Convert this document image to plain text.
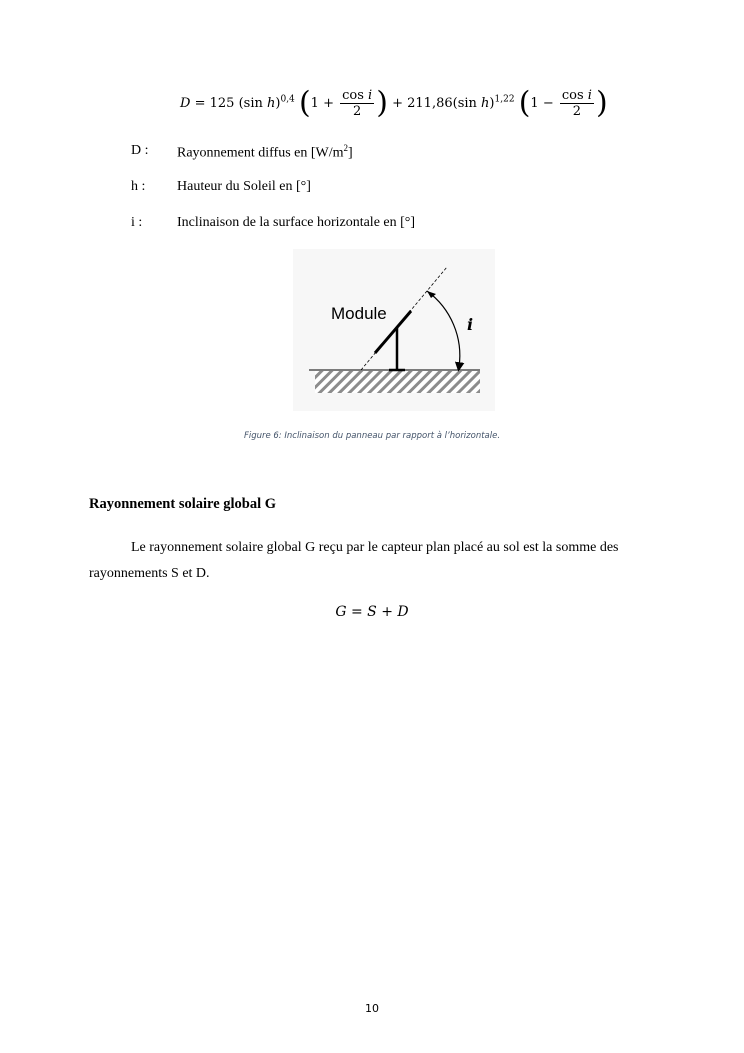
D = 125 (sin h)$^{0,4}$ ($1 + \frac{\text{cos i}}{2}$ ) + 211,86(sin h)$^{1,22}$ ($1 - \frac{\text{cos i}}{2}$ )
D : Rayonnement diffus en $[W/m^2]$
h : Hauteur du Soleil en [°]
i : Inclinaison de la surface horizontale en [°]
Module
i
Figure 6: Inclinaison du panneau par rapport à l’horizontale.
Rayonnement solaire global G
Le rayonnement solaire global G reçu par le capteur plan placé au sol est la somme des
rayonnements S et D.
G = S + D
10
